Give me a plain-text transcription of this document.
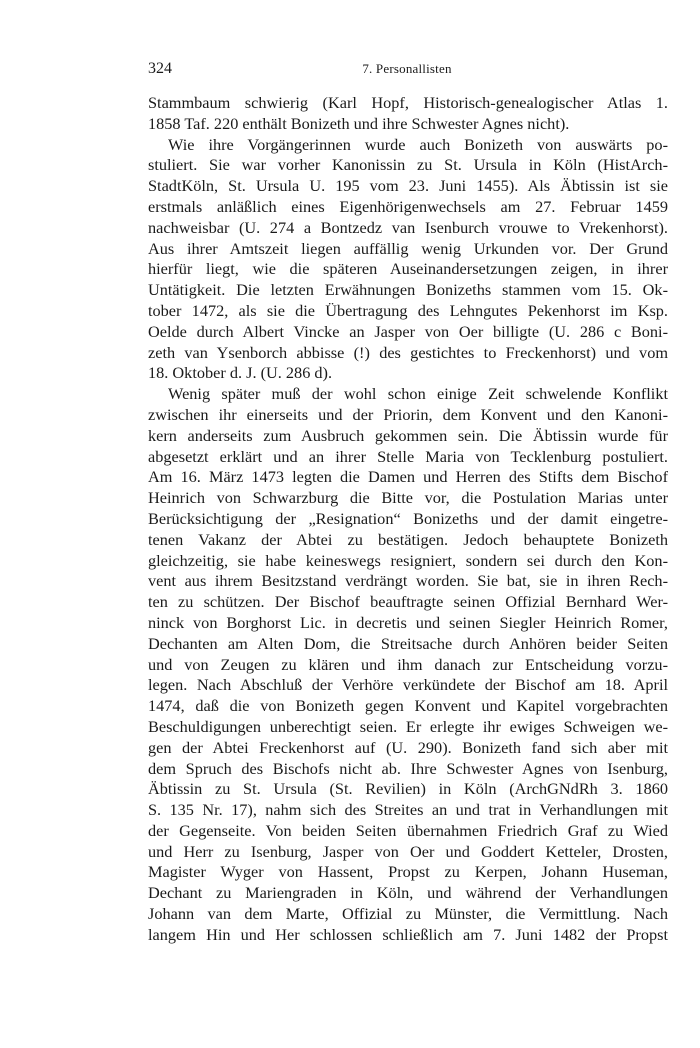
324	7. Personallisten
Stammbaum schwierig (Karl Hopf, Historisch-genealogischer Atlas 1.
1858 Taf. 220 enthält Bonizeth und ihre Schwester Agnes nicht).
Wie ihre Vorgängerinnen wurde auch Bonizeth von auswärts po-
stuliert. Sie war vorher Kanonissin zu St. Ursula in Köln (HistArch-
StadtKöln, St. Ursula U. 195 vom 23. Juni 1455). Als Äbtissin ist sie
erstmals anläßlich eines Eigenhörigenwechsels am 27. Februar 1459
nachweisbar (U. 274 a Bontzedz van Isenburch vrouwe to Vrekenhorst).
Aus ihrer Amtszeit liegen auffällig wenig Urkunden vor. Der Grund
hierfür liegt, wie die späteren Auseinandersetzungen zeigen, in ihrer
Untätigkeit. Die letzten Erwähnungen Bonizeths stammen vom 15. Ok-
tober 1472, als sie die Übertragung des Lehngutes Pekenhorst im Ksp.
Oelde durch Albert Vincke an Jasper von Oer billigte (U. 286 c Boni-
zeth van Ysenborch abbisse (!) des gestichtes to Freckenhorst) und vom
18. Oktober d. J. (U. 286 d).
Wenig später muß der wohl schon einige Zeit schwelende Konflikt
zwischen ihr einerseits und der Priorin, dem Konvent und den Kanoni-
kern anderseits zum Ausbruch gekommen sein. Die Äbtissin wurde für
abgesetzt erklärt und an ihrer Stelle Maria von Tecklenburg postuliert.
Am 16. März 1473 legten die Damen und Herren des Stifts dem Bischof
Heinrich von Schwarzburg die Bitte vor, die Postulation Marias unter
Berücksichtigung der „Resignation“ Bonizeths und der damit eingetre-
tenen Vakanz der Abtei zu bestätigen. Jedoch behauptete Bonizeth
gleichzeitig, sie habe keineswegs resigniert, sondern sei durch den Kon-
vent aus ihrem Besitzstand verdrängt worden. Sie bat, sie in ihren Rech-
ten zu schützen. Der Bischof beauftragte seinen Offizial Bernhard Wer-
ninck von Borghorst Lic. in decretis und seinen Siegler Heinrich Romer,
Dechanten am Alten Dom, die Streitsache durch Anhören beider Seiten
und von Zeugen zu klären und ihm danach zur Entscheidung vorzu-
legen. Nach Abschluß der Verhöre verkündete der Bischof am 18. April
1474, daß die von Bonizeth gegen Konvent und Kapitel vorgebrachten
Beschuldigungen unberechtigt seien. Er erlegte ihr ewiges Schweigen we-
gen der Abtei Freckenhorst auf (U. 290). Bonizeth fand sich aber mit
dem Spruch des Bischofs nicht ab. Ihre Schwester Agnes von Isenburg,
Äbtissin zu St. Ursula (St. Revilien) in Köln (ArchGNdRh 3. 1860
S. 135 Nr. 17), nahm sich des Streites an und trat in Verhandlungen mit
der Gegenseite. Von beiden Seiten übernahmen Friedrich Graf zu Wied
und Herr zu Isenburg, Jasper von Oer und Goddert Ketteler, Drosten,
Magister Wyger von Hassent, Propst zu Kerpen, Johann Huseman,
Dechant zu Mariengraden in Köln, und während der Verhandlungen
Johann van dem Marte, Offizial zu Münster, die Vermittlung. Nach
langem Hin und Her schlossen schließlich am 7. Juni 1482 der Propst
